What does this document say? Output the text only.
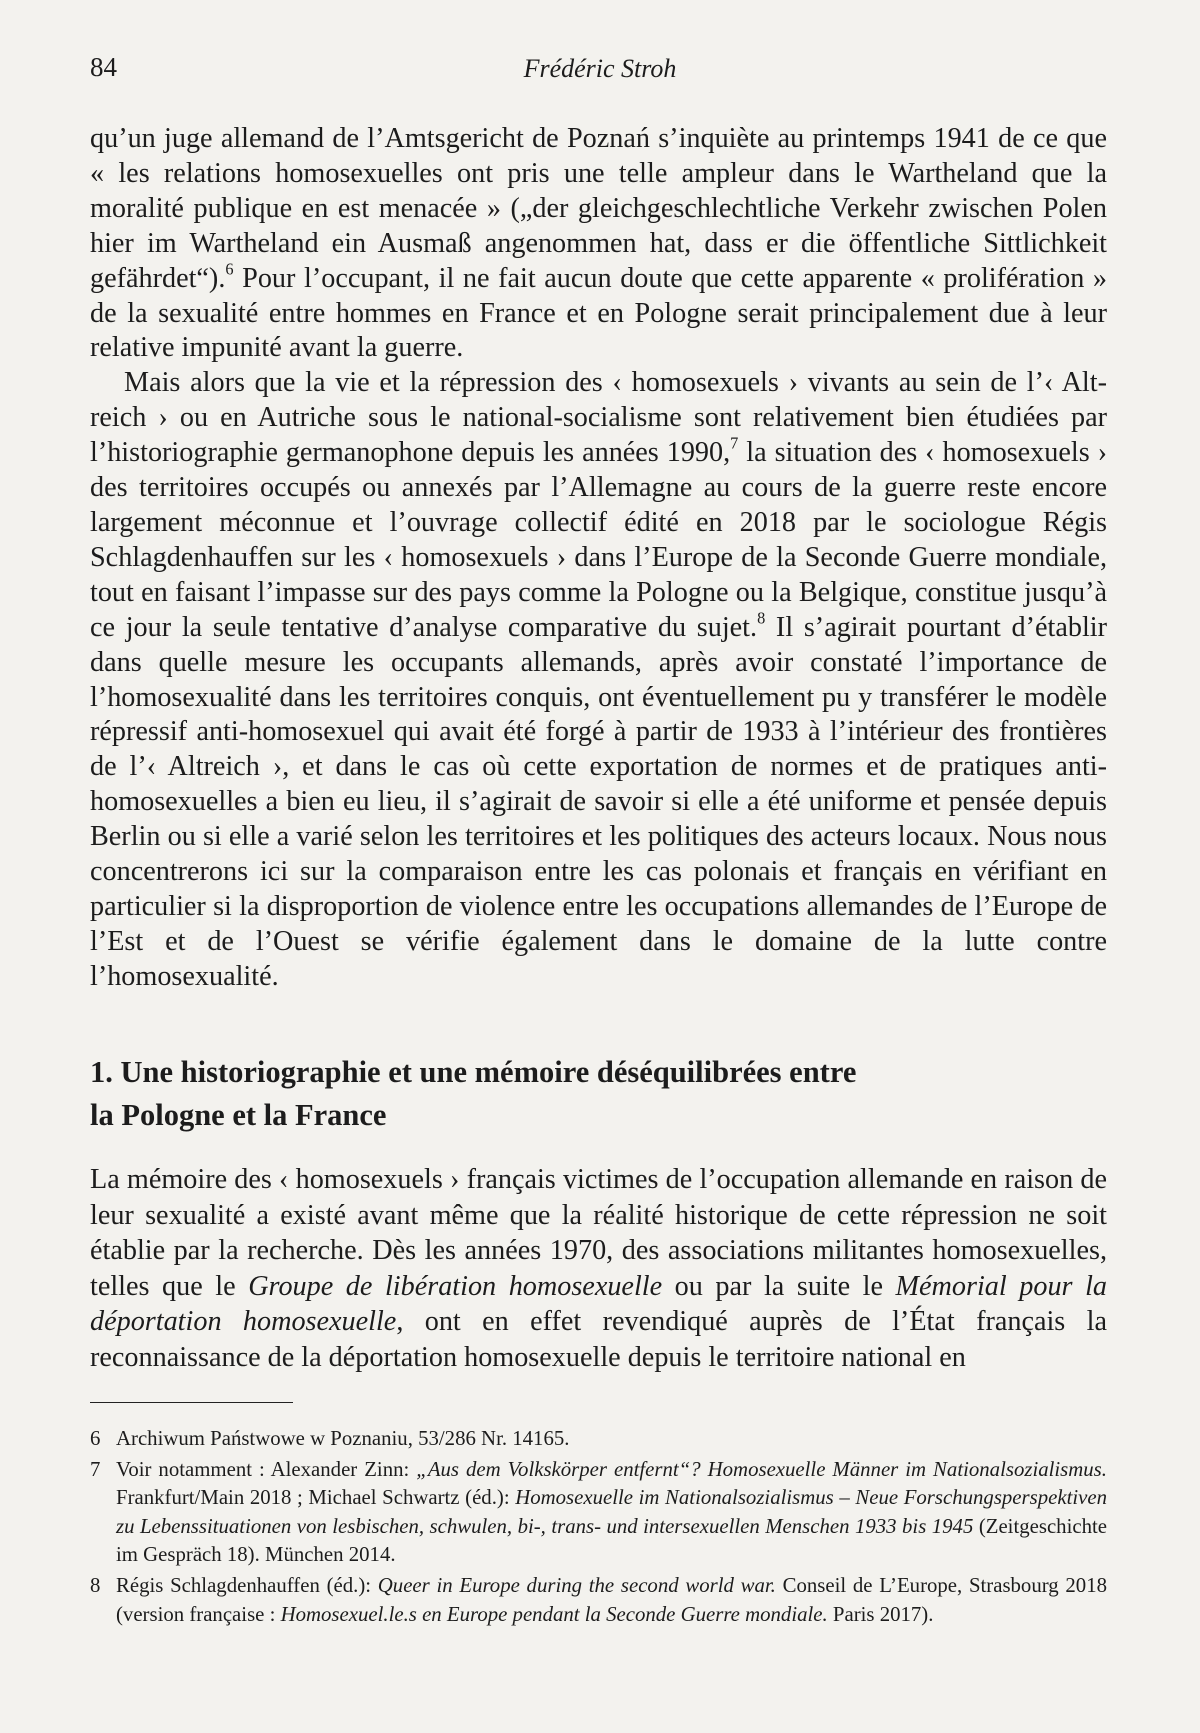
84	Frédéric Stroh

qu’un juge allemand de l’Amtsgericht de Poznań s’inquiète au printemps 1941 de ce que « les relations homosexuelles ont pris une telle ampleur dans le Wartheland que la moralité publique en est menacée » („der gleichgeschlechtliche Verkehr zwischen Polen hier im Wartheland ein Ausmaß angenommen hat, dass er die öffentliche Sittlichkeit gefährdet“).$^6$ Pour l’occupant, il ne fait aucun doute que cette apparente « prolifération » de la sexualité entre hommes en France et en Pologne serait principalement due à leur relative impunité avant la guerre.

Mais alors que la vie et la répression des ‹ homosexuels › vivants au sein de l’‹ Altreich › ou en Autriche sous le national-socialisme sont relativement bien étudiées par l’historiographie germanophone depuis les années 1990,$^7$ la situation des ‹ homosexuels › des territoires occupés ou annexés par l’Allemagne au cours de la guerre reste encore largement méconnue et l’ouvrage collectif édité en 2018 par le sociologue Régis Schlagdenhauffen sur les ‹ homosexuels › dans l’Europe de la Seconde Guerre mondiale, tout en faisant l’impasse sur des pays comme la Pologne ou la Belgique, constitue jusqu’à ce jour la seule tentative d’analyse comparative du sujet.$^8$ Il s’agirait pourtant d’établir dans quelle mesure les occupants allemands, après avoir constaté l’importance de l’homosexualité dans les territoires conquis, ont éventuellement pu y transférer le modèle répressif anti-homosexuel qui avait été forgé à partir de 1933 à l’intérieur des frontières de l’‹ Altreich ›, et dans le cas où cette exportation de normes et de pratiques anti-homosexuelles a bien eu lieu, il s’agirait de savoir si elle a été uniforme et pensée depuis Berlin ou si elle a varié selon les territoires et les politiques des acteurs locaux. Nous nous concentrerons ici sur la comparaison entre les cas polonais et français en vérifiant en particulier si la disproportion de violence entre les occupations allemandes de l’Europe de l’Est et de l’Ouest se vérifie également dans le domaine de la lutte contre l’homosexualité.

1. Une historiographie et une mémoire déséquilibrées entre
la Pologne et la France

La mémoire des ‹ homosexuels › français victimes de l’occupation allemande en raison de leur sexualité a existé avant même que la réalité historique de cette répression ne soit établie par la recherche. Dès les années 1970, des associations militantes homosexuelles, telles que le Groupe de libération homosexuelle ou par la suite le Mémorial pour la déportation homosexuelle, ont en effet revendiqué auprès de l’État français la reconnaissance de la déportation homosexuelle depuis le territoire national en

6 Archiwum Państwowe w Poznaniu, 53/286 Nr. 14165.
7 Voir notamment : Alexander Zinn: „Aus dem Volkskörper entfernt“? Homosexuelle Männer im Nationalsozialismus. Frankfurt/Main 2018 ; Michael Schwartz (éd.): Homosexuelle im Nationalsozialismus – Neue Forschungsperspektiven zu Lebenssituationen von lesbischen, schwulen, bi-, trans- und intersexuellen Menschen 1933 bis 1945 (Zeitgeschichte im Gespräch 18). München 2014.
8 Régis Schlagdenhauffen (éd.): Queer in Europe during the second world war. Conseil de L’Europe, Strasbourg 2018 (version française : Homosexuel.le.s en Europe pendant la Seconde Guerre mondiale. Paris 2017).
